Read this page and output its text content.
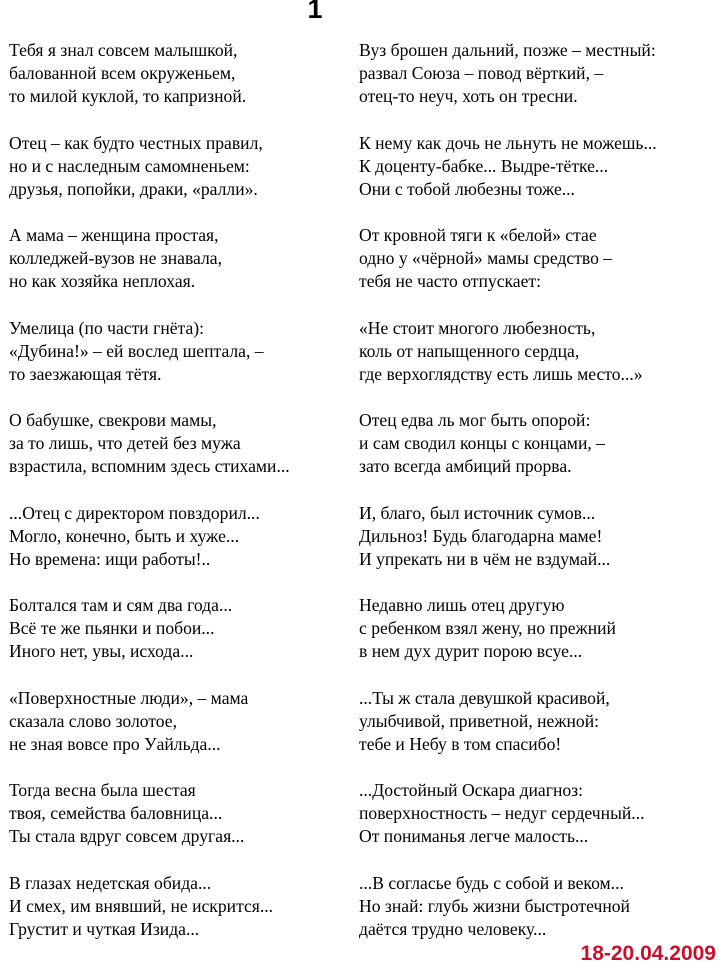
1
Тебя я знал совсем малышкой,
балованной всем окруженьем,
то милой куклой, то капризной.
Отец – как будто честных правил,
но и с наследным самомненьем:
друзья, попойки, драки, «ралли».
А мама – женщина простая,
колледжей-вузов не знавала,
но как хозяйка неплохая.
Умелица (по части гнёта):
«Дубина!» – ей вослед шептала, –
то заезжающая тётя.
О бабушке, свекрови мамы,
за то лишь, что детей без мужа
взрастила, вспомним здесь стихами...
...Отец с директором повздорил...
Могло, конечно, быть и хуже...
Но времена: ищи работы!..
Болтался там и сям два года...
Всё те же пьянки и побои...
Иного нет, увы, исхода...
«Поверхностные люди», – мама
сказала слово золотое,
не зная вовсе про Уайльда...
Тогда весна была шестая
твоя, семейства баловница...
Ты стала вдруг совсем другая...
В глазах недетская обида...
И смех, им внявший, не искрится...
Грустит и чуткая Изида...
Вуз брошен дальний, позже – местный:
развал Союза – повод вёрткий, –
отец-то неуч, хоть он тресни.
К нему как дочь не льнуть не можешь...
К доценту-бабке... Выдре-тётке...
Они с тобой любезны тоже...
От кровной тяги к «белой» стае
одно у «чёрной» мамы средство –
тебя не часто отпускает:
«Не стоит многого любезность,
коль от напыщенного сердца,
где верхоглядству есть лишь место...»
Отец едва ль мог быть опорой:
и сам сводил концы с концами, –
зато всегда амбиций прорва.
И, благо, был источник сумов...
Дильноз! Будь благодарна маме!
И упрекать ни в чём не вздумай...
Недавно лишь отец другую
с ребенком взял жену, но прежний
в нем дух дурит порою всуе...
...Ты ж стала девушкой красивой,
улыбчивой, приветной, нежной:
тебе и Небу в том спасибо!
...Достойный Оскара диагноз:
поверхностность – недуг сердечный...
От пониманья легче малость...
...В согласье будь с собой и веком...
Но знай: глубь жизни быстротечной
даётся трудно человеку...
18-20.04.2009
